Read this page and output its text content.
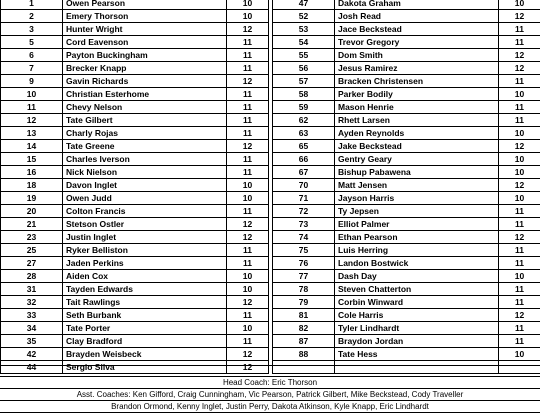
1	Owen Pearson	10		47	Dakota Graham	10
2	Emery Thorson	10		52	Josh Read	12
3	Hunter Wright	12		53	Jace Beckstead	11
5	Cord Eavenson	11		54	Trevor Gregory	11
6	Payton Buckingham	11		55	Dom Smith	12
7	Brecker Knapp	11		56	Jesus Ramirez	12
9	Gavin Richards	12		57	Bracken Christensen	11
10	Christian Esterhome	11		58	Parker Bodily	10
11	Chevy Nelson	11		59	Mason Henrie	11
12	Tate Gilbert	11		62	Rhett Larsen	11
13	Charly Rojas	11		63	Ayden Reynolds	10
14	Tate Greene	12		65	Jake Beckstead	12
15	Charles Iverson	11		66	Gentry Geary	10
16	Nick Nielson	11		67	Bishup Pabawena	10
18	Davon Inglet	10		70	Matt Jensen	12
19	Owen Judd	10		71	Jayson Harris	10
20	Colton Francis	11		72	Ty Jepsen	11
21	Stetson Ostler	12		73	Elliot Palmer	11
23	Justin Inglet	12		74	Ethan Pearson	12
25	Ryker Belliston	11		75	Luis Herring	11
27	Jaden Perkins	11		76	Landon Bostwick	11
28	Aiden Cox	10		77	Dash Day	10
31	Tayden Edwards	10		78	Steven Chatterton	11
32	Tait Rawlings	12		79	Corbin Winward	11
33	Seth Burbank	11		81	Cole Harris	12
34	Tate Porter	10		82	Tyler Lindhardt	11
35	Clay Bradford	11		87	Braydon Jordan	11
42	Brayden Weisbeck	12		88	Tate Hess	10
44	Sergio Silva	12				
Head Coach: Eric Thorson
Asst. Coaches: Ken Gifford, Craig Cunningham, Vic Pearson, Patrick Gilbert, Mike Beckstead, Cody Traveller
Brandon Ormond, Kenny Inglet, Justin Perry, Dakota Atkinson, Kyle Knapp, Eric Lindhardt
